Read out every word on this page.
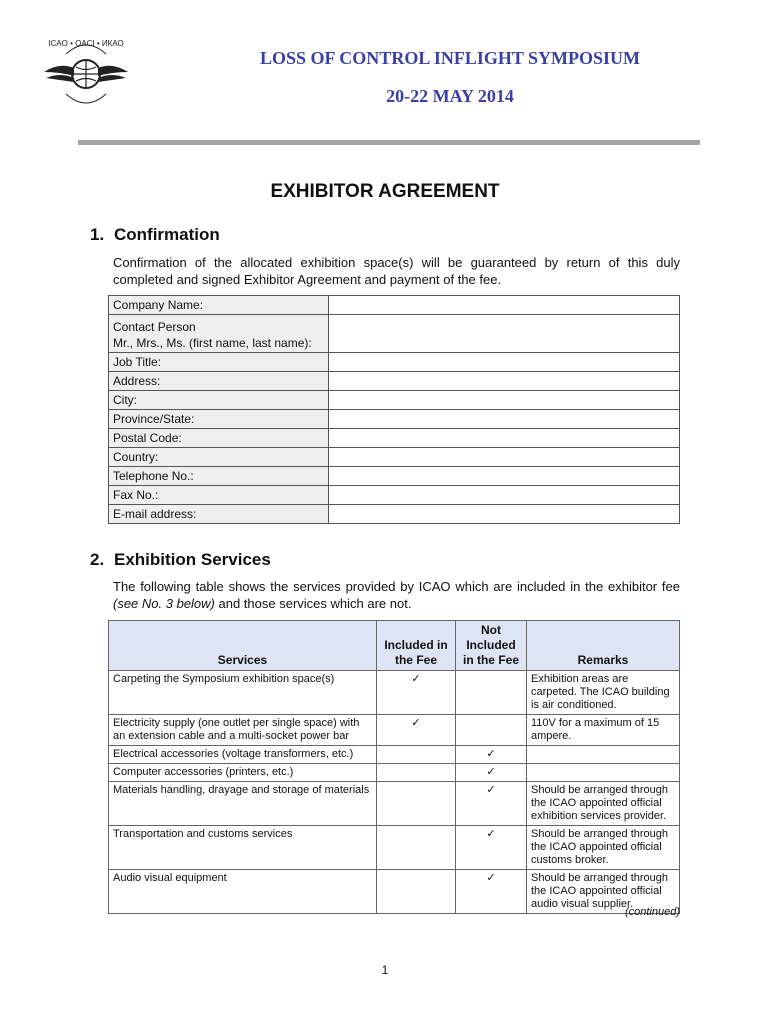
ICAO • OACI • ИКАО
LOSS OF CONTROL INFLIGHT SYMPOSIUM
20-22 MAY 2014
EXHIBITOR AGREEMENT
1. Confirmation
Confirmation of the allocated exhibition space(s) will be guaranteed by return of this duly completed and signed Exhibitor Agreement and payment of the fee.
Company Name:	

Contact Person
Mr., Mrs., Ms. (first name, last name):	

Job Title:	

Address:	

City:	

Province/State:	

Postal Code:	

Country:	

Telephone No.:	

Fax No.:	

E-mail address:	

2. Exhibition Services
The following table shows the services provided by ICAO which are included in the exhibitor fee (see No. 3 below) and those services which are not.
Services	Included in the Fee	Not Included in the Fee	Remarks
Carpeting the Symposium exhibition space(s)	✓		Exhibition areas are carpeted. The ICAO building is air conditioned.
Electricity supply (one outlet per single space) with an extension cable and a multi-socket power bar	✓		110V for a maximum of 15 ampere.
Electrical accessories (voltage transformers, etc.)		✓	
Computer accessories (printers, etc.)		✓	
Materials handling, drayage and storage of materials		✓	Should be arranged through the ICAO appointed official exhibition services provider.
Transportation and customs services		✓	Should be arranged through the ICAO appointed official customs broker.
Audio visual equipment		✓	Should be arranged through the ICAO appointed official audio visual supplier.
(continued)
1
